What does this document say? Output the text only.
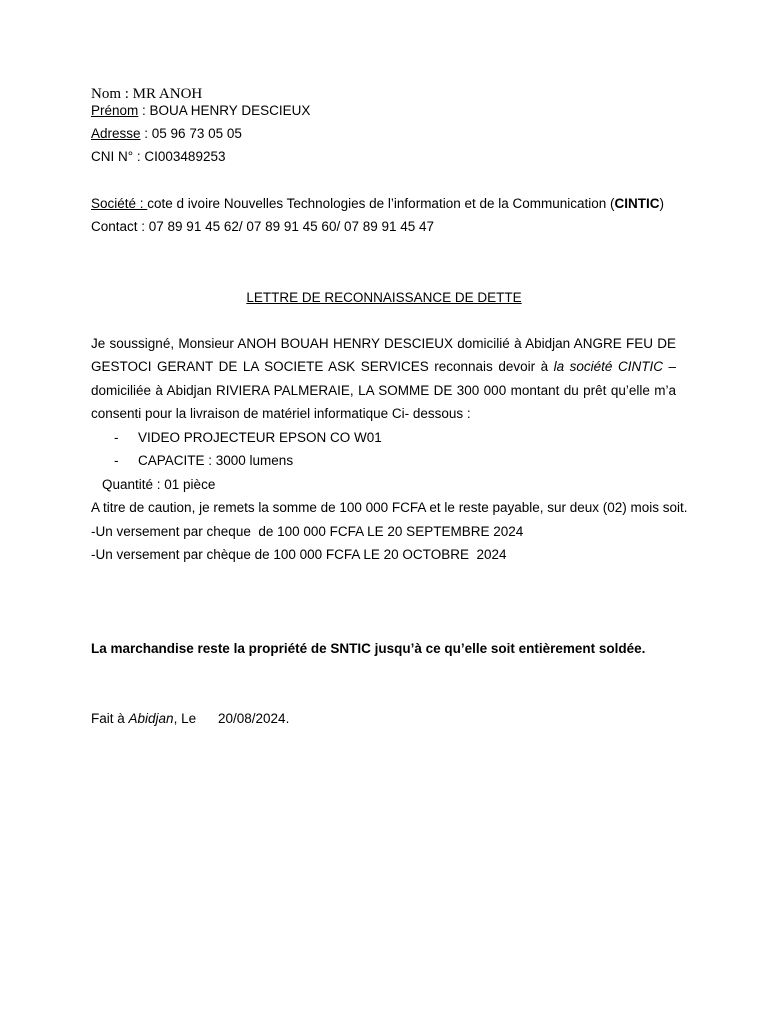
Nom : MR ANOH
Prénom : BOUA HENRY DESCIEUX
Adresse : 05 96 73 05 05
CNI N° : CI003489253
Société : cote d ivoire Nouvelles Technologies de l’information et de la Communication (CINTIC)
Contact : 07 89 91 45 62/ 07 89 91 45 60/ 07 89 91 45 47
LETTRE DE RECONNAISSANCE DE DETTE
Je soussigné, Monsieur ANOH BOUAH HENRY DESCIEUX domicilié à Abidjan ANGRE FEU DE
GESTOCI GERANT DE LA SOCIETE ASK SERVICES reconnais devoir à la société CINTIC –
domiciliée à Abidjan RIVIERA PALMERAIE, LA SOMME DE 300 000 montant du prêt qu’elle m’a
consenti pour la livraison de matériel informatique Ci- dessous :
- VIDEO PROJECTEUR EPSON CO W01
- CAPACITE : 3000 lumens
Quantité : 01 pièce
A titre de caution, je remets la somme de 100 000 FCFA et le reste payable, sur deux (02) mois soit.
-Un versement par cheque  de 100 000 FCFA LE 20 SEPTEMBRE 2024
-Un versement par chèque de 100 000 FCFA LE 20 OCTOBRE  2024
La marchandise reste la propriété de SNTIC jusqu’à ce qu’elle soit entièrement soldée.
Fait à Abidjan, Le 20/08/2024.
